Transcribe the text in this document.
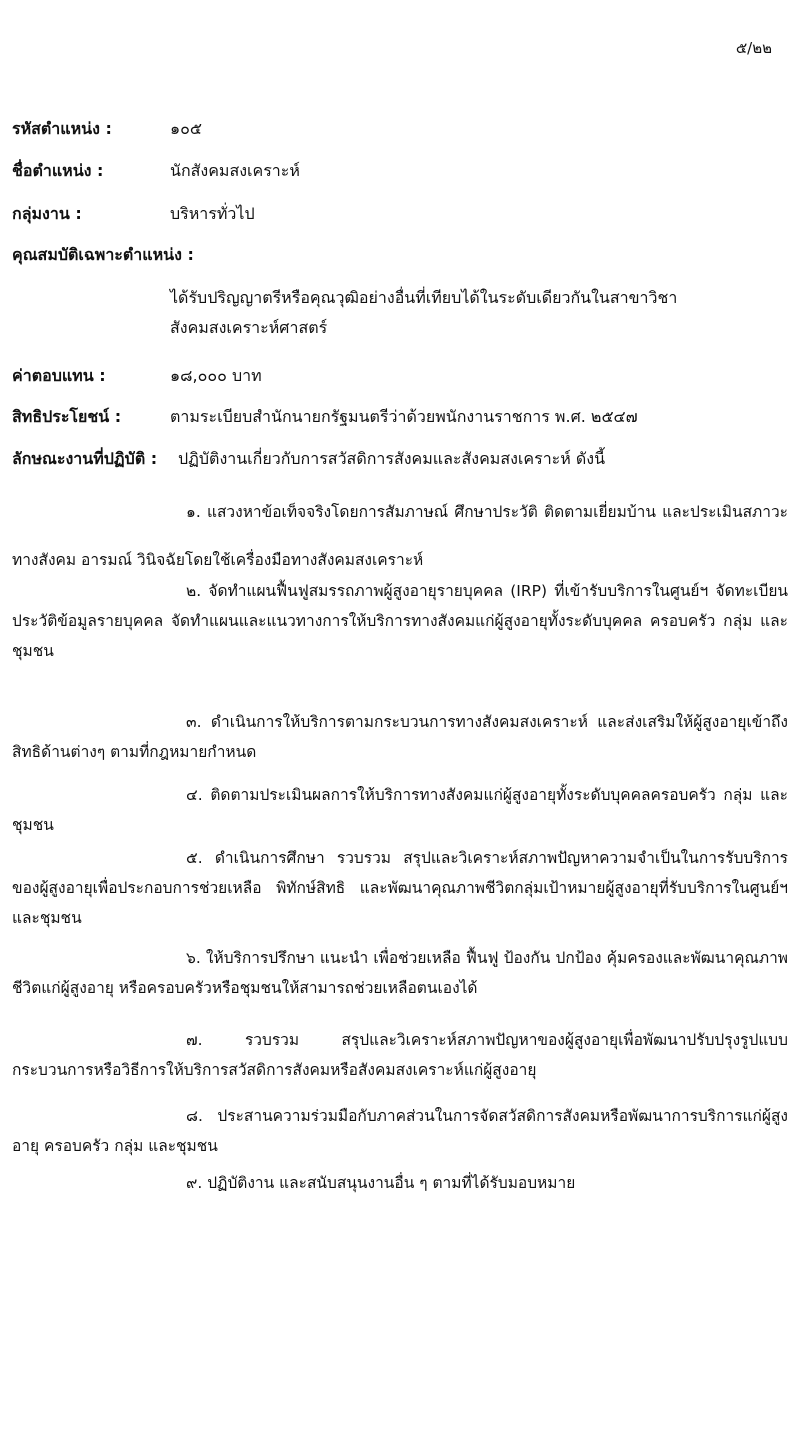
๕/๒๒
รหัสตำแหน่ง :	๑๐๕
ชื่อตำแหน่ง :	นักสังคมสงเคราะห์
กลุ่มงาน :	บริหารทั่วไป
คุณสมบัติเฉพาะตำแหน่ง :
ได้รับปริญญาตรีหรือคุณวุฒิอย่างอื่นที่เทียบได้ในระดับเดียวกันในสาขาวิชา
สังคมสงเคราะห์ศาสตร์
ค่าตอบแทน :	๑๘,๐๐๐ บาท
สิทธิประโยชน์ :	ตามระเบียบสำนักนายกรัฐมนตรีว่าด้วยพนักงานราชการ พ.ศ. ๒๕๔๗
ลักษณะงานที่ปฏิบัติ : ปฏิบัติงานเกี่ยวกับการสวัสดิการสังคมและสังคมสงเคราะห์ ดังนี้
๑. แสวงหาข้อเท็จจริงโดยการสัมภาษณ์ ศึกษาประวัติ ติดตามเยี่ยมบ้าน และประเมินสภาวะทางสังคม อารมณ์ วินิจฉัยโดยใช้เครื่องมือทางสังคมสงเคราะห์
๒. จัดทำแผนฟื้นฟูสมรรถภาพผู้สูงอายุรายบุคคล (IRP) ที่เข้ารับบริการในศูนย์ฯ จัดทะเบียนประวัติข้อมูลรายบุคคล จัดทำแผนและแนวทางการให้บริการทางสังคมแก่ผู้สูงอายุทั้งระดับบุคคล ครอบครัว กลุ่ม และชุมชน
๓. ดำเนินการให้บริการตามกระบวนการทางสังคมสงเคราะห์ และส่งเสริมให้ผู้สูงอายุเข้าถึงสิทธิด้านต่างๆ ตามที่กฎหมายกำหนด
๔. ติดตามประเมินผลการให้บริการทางสังคมแก่ผู้สูงอายุทั้งระดับบุคคลครอบครัว กลุ่ม และชุมชน
๕. ดำเนินการศึกษา รวบรวม สรุปและวิเคราะห์สภาพปัญหาความจำเป็นในการรับบริการของผู้สูงอายุเพื่อประกอบการช่วยเหลือ พิทักษ์สิทธิ และพัฒนาคุณภาพชีวิตกลุ่มเป้าหมายผู้สูงอายุที่รับบริการในศูนย์ฯ และชุมชน
๖. ให้บริการปรึกษา แนะนำ เพื่อช่วยเหลือ ฟื้นฟู ป้องกัน ปกป้อง คุ้มครองและพัฒนาคุณภาพชีวิตแก่ผู้สูงอายุ หรือครอบครัวหรือชุมชนให้สามารถช่วยเหลือตนเองได้
๗. รวบรวม สรุปและวิเคราะห์สภาพปัญหาของผู้สูงอายุเพื่อพัฒนาปรับปรุงรูปแบบกระบวนการหรือวิธีการให้บริการสวัสดิการสังคมหรือสังคมสงเคราะห์แก่ผู้สูงอายุ
๘. ประสานความร่วมมือกับภาคส่วนในการจัดสวัสดิการสังคมหรือพัฒนาการบริการแก่ผู้สูงอายุ ครอบครัว กลุ่ม และชุมชน
๙. ปฏิบัติงาน และสนับสนุนงานอื่น ๆ ตามที่ได้รับมอบหมาย
